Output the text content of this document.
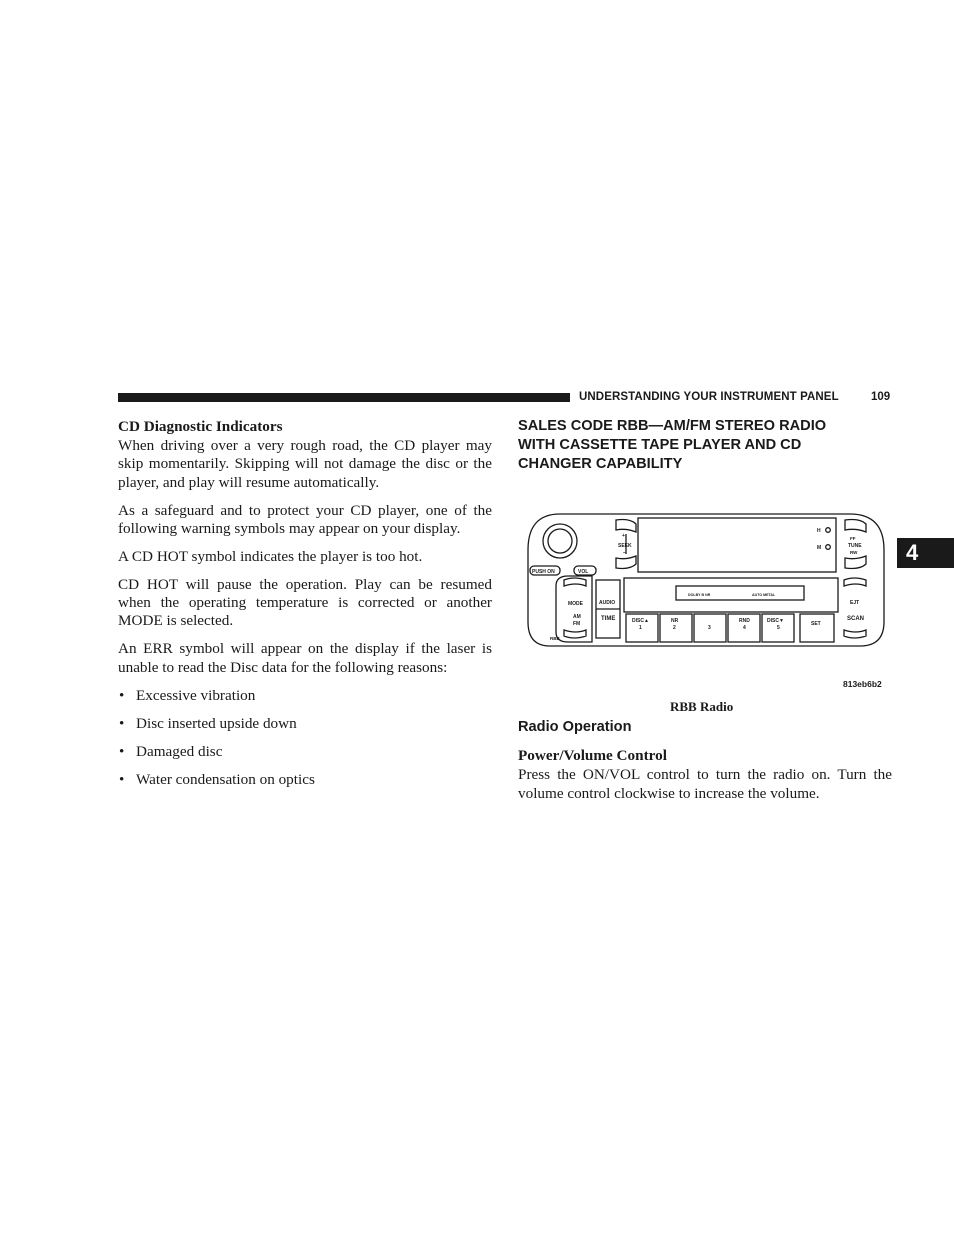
UNDERSTANDING YOUR INSTRUMENT PANEL	109
4
CD Diagnostic Indicators

When driving over a very rough road, the CD player may skip momentarily. Skipping will not damage the disc or the player, and play will resume automatically.

As a safeguard and to protect your CD player, one of the following warning symbols may appear on your display.

A CD HOT symbol indicates the player is too hot.

CD HOT will pause the operation. Play can be resumed when the operating temperature is corrected or another MODE is selected.

An ERR symbol will appear on the display if the laser is unable to read the Disc data for the following reasons:

• Excessive vibration
• Disc inserted upside down
• Damaged disc
• Water condensation on optics
SALES CODE RBB—AM/FM STEREO RADIO
WITH CASSETTE TAPE PLAYER AND CD
CHANGER CAPABILITY
PUSH ON	VOL
+
SEEK
−
H
M
FF
TUNE
RW
MODE
AM
FM
AUDIO
TIME
DOLBY B NR	AUTO METAL
EJT
SCAN
RBB
DISC▲
1
NR
2	3
RND
4
DISC▼
5
SET
813eb6b2
RBB Radio
Radio Operation
Power/Volume Control
Press the ON/VOL control to turn the radio on. Turn the volume control clockwise to increase the volume.
